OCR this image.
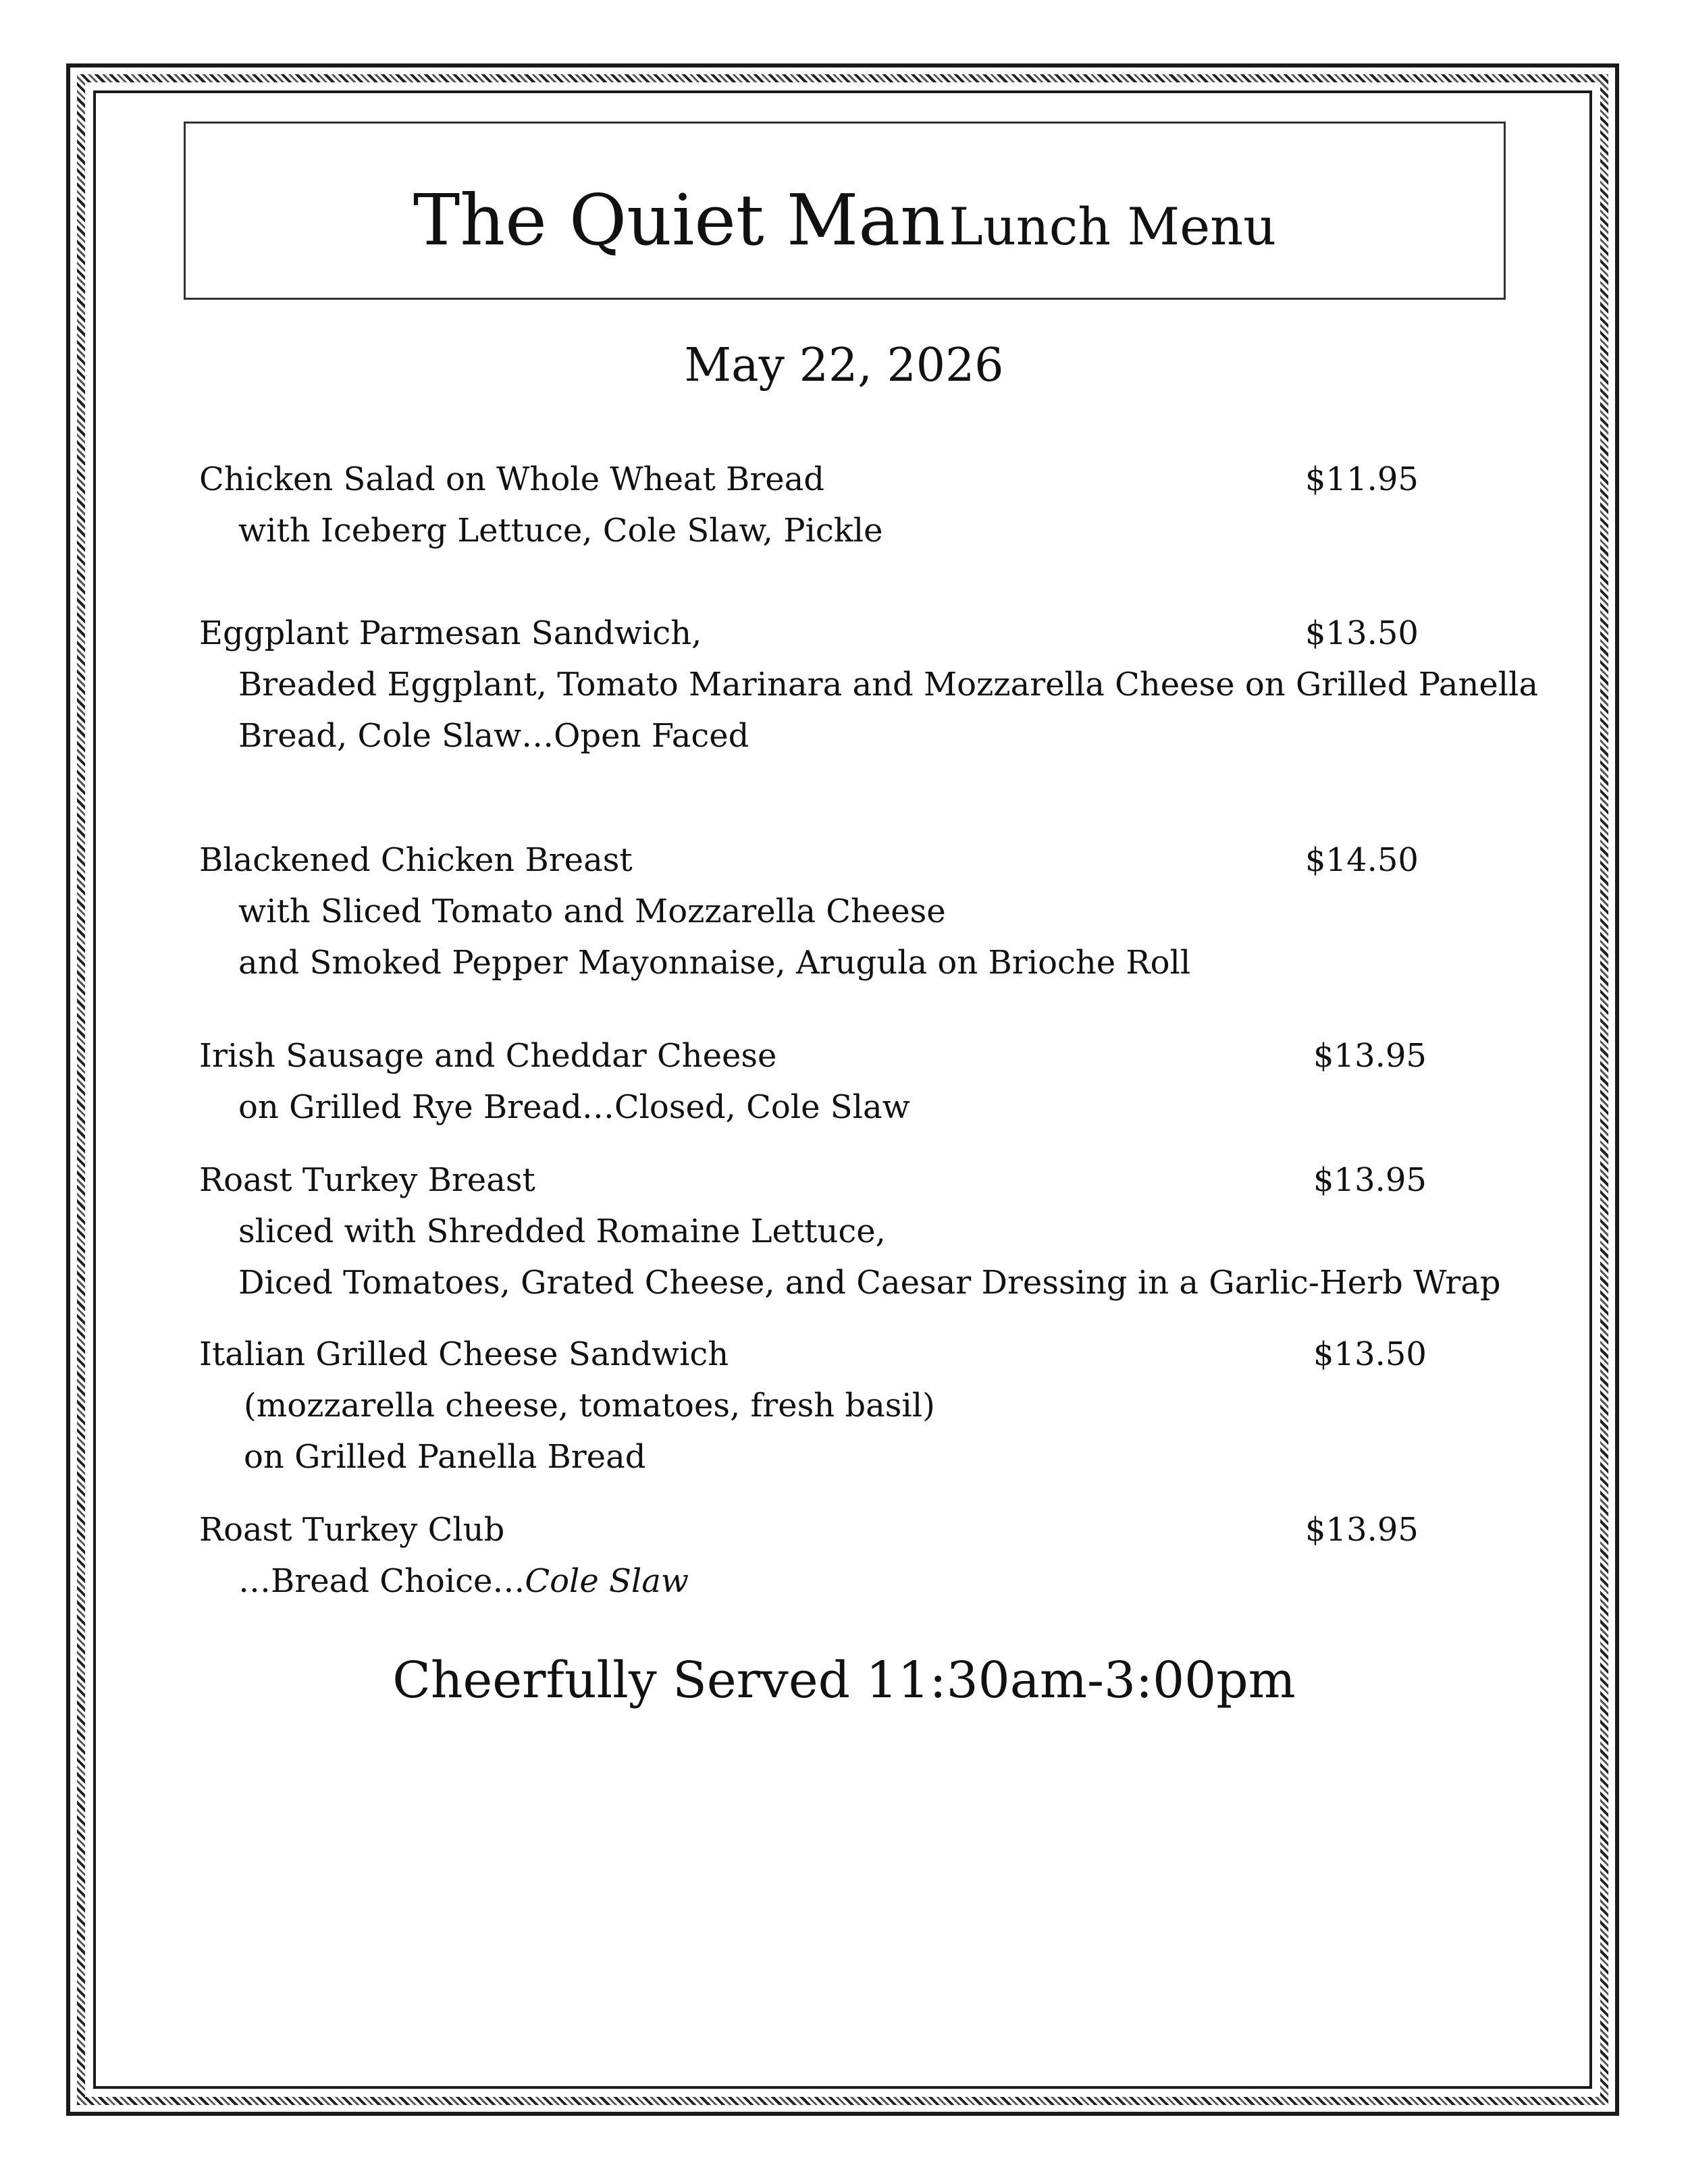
The Quiet Man Lunch Menu
May 22, 2026
Chicken Salad on Whole Wheat Bread	$11.95
with Iceberg Lettuce, Cole Slaw, Pickle
Eggplant Parmesan Sandwich,	$13.50
Breaded Eggplant, Tomato Marinara and Mozzarella Cheese on Grilled Panella
Bread, Cole Slaw…Open Faced
Blackened Chicken Breast	$14.50
with Sliced Tomato and Mozzarella Cheese
and Smoked Pepper Mayonnaise, Arugula on Brioche Roll
Irish Sausage and Cheddar Cheese	$13.95
on Grilled Rye Bread…Closed, Cole Slaw
Roast Turkey Breast	$13.95
sliced with Shredded Romaine Lettuce,
Diced Tomatoes, Grated Cheese, and Caesar Dressing in a Garlic-Herb Wrap
Italian Grilled Cheese Sandwich	$13.50
(mozzarella cheese, tomatoes, fresh basil)
on Grilled Panella Bread
Roast Turkey Club	$13.95
…Bread Choice…Cole Slaw
Cheerfully Served 11:30am-3:00pm
